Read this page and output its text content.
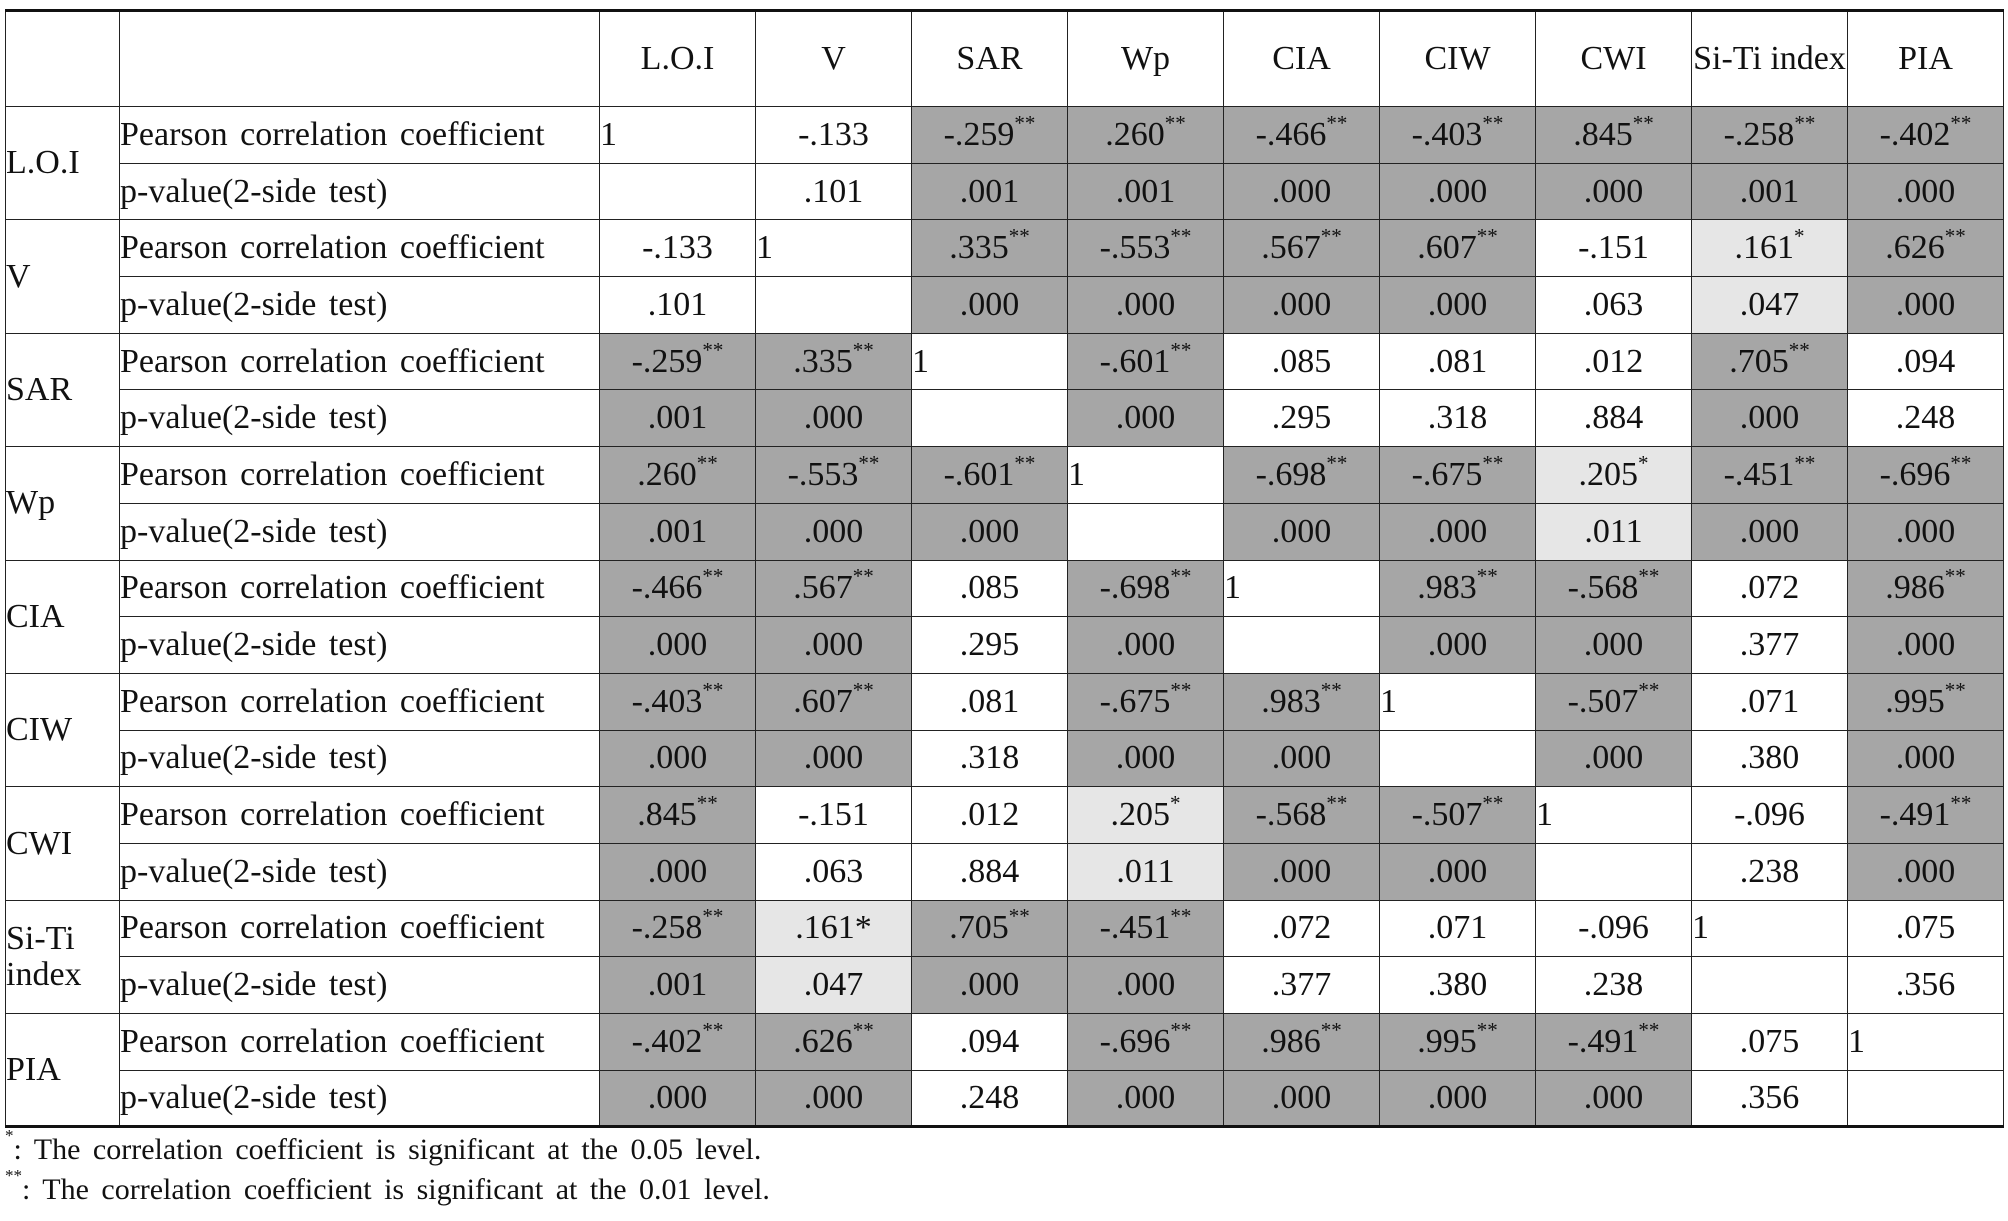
		L.O.I	V	SAR	Wp	CIA	CIW	CWI	Si-Ti index	PIA
L.O.I	Pearson correlation coefficient	1	-.133	-.259**	.260**	-.466**	-.403**	.845**	-.258**	-.402**
	p-value(2-side test)		.101	.001	.001	.000	.000	.000	.001	.000
V	Pearson correlation coefficient	-.133	1	.335**	-.553**	.567**	.607**	-.151	.161*	.626**
	p-value(2-side test)	.101		.000	.000	.000	.000	.063	.047	.000
SAR	Pearson correlation coefficient	-.259**	.335**	1	-.601**	.085	.081	.012	.705**	.094
	p-value(2-side test)	.001	.000		.000	.295	.318	.884	.000	.248
Wp	Pearson correlation coefficient	.260**	-.553**	-.601**	1	-.698**	-.675**	.205*	-.451**	-.696**
	p-value(2-side test)	.001	.000	.000		.000	.000	.011	.000	.000
CIA	Pearson correlation coefficient	-.466**	.567**	.085	-.698**	1	.983**	-.568**	.072	.986**
	p-value(2-side test)	.000	.000	.295	.000		.000	.000	.377	.000
CIW	Pearson correlation coefficient	-.403**	.607**	.081	-.675**	.983**	1	-.507**	.071	.995**
	p-value(2-side test)	.000	.000	.318	.000	.000		.000	.380	.000
CWI	Pearson correlation coefficient	.845**	-.151	.012	.205*	-.568**	-.507**	1	-.096	-.491**
	p-value(2-side test)	.000	.063	.884	.011	.000	.000		.238	.000
Si-Ti index	Pearson correlation coefficient	-.258**	.161*	.705**	-.451**	.072	.071	-.096	1	.075
	p-value(2-side test)	.001	.047	.000	.000	.377	.380	.238		.356
PIA	Pearson correlation coefficient	-.402**	.626**	.094	-.696**	.986**	.995**	-.491**	.075	1
	p-value(2-side test)	.000	.000	.248	.000	.000	.000	.000	.356	
*: The correlation coefficient is significant at the 0.05 level.
**: The correlation coefficient is significant at the 0.01 level.
